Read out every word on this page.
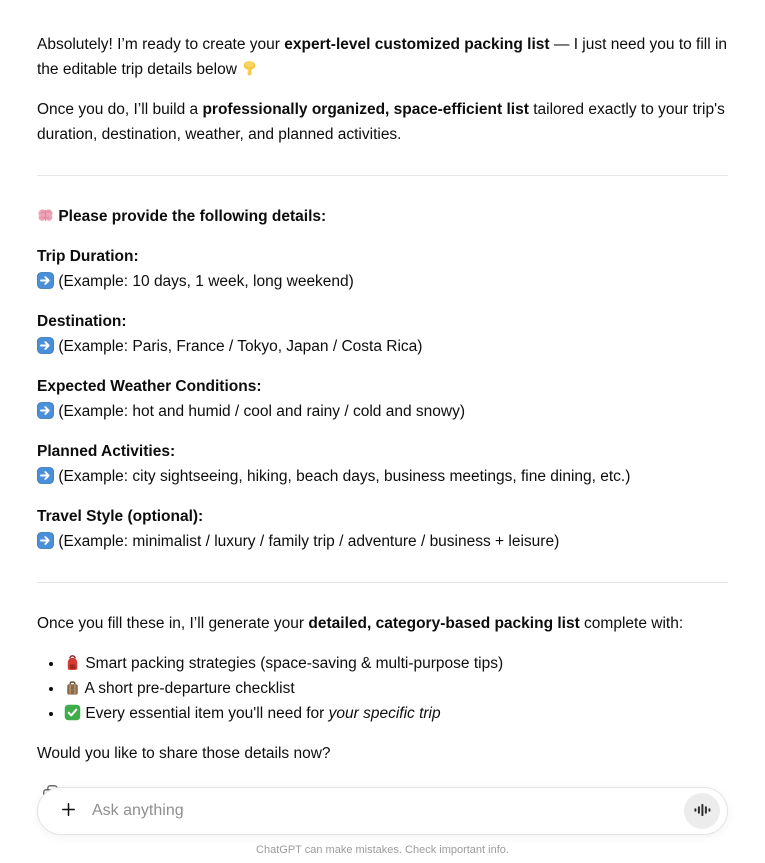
Absolutely! I’m ready to create your expert-level customized packing list — I just need you to fill in the editable trip details below

Once you do, I’ll build a professionally organized, space-efficient list tailored exactly to your trip's duration, destination, weather, and planned activities.

Please provide the following details:

Trip Duration:

(Example: 10 days, 1 week, long weekend)

Destination:

(Example: Paris, France / Tokyo, Japan / Costa Rica)

Expected Weather Conditions:

(Example: hot and humid / cool and rainy / cold and snowy)

Planned Activities:

(Example: city sightseeing, hiking, beach days, business meetings, fine dining, etc.)

Travel Style (optional):

(Example: minimalist / luxury / family trip / adventure / business + leisure)

Once you fill these in, I’ll generate your detailed, category-based packing list complete with:

• Smart packing strategies (space-saving & multi-purpose tips)
• A short pre-departure checklist
• Every essential item you'll need for your specific trip

Would you like to share those details now?

Ask anything
ChatGPT can make mistakes. Check important info.
